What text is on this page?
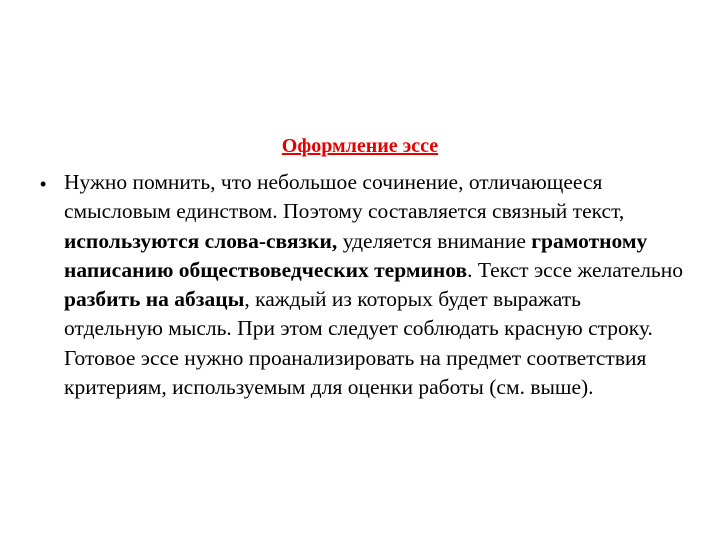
Оформление эссе
• Нужно помнить, что небольшое сочинение, отличающееся смысловым единством. Поэтому составляется связный текст, используются слова-связки, уделяется внимание грамотному написанию обществоведческих терминов. Текст эссе желательно разбить на абзацы, каждый из которых будет выражать отдельную мысль. При этом следует соблюдать красную строку.
Готовое эссе нужно проанализировать на предмет соответствия критериям, используемым для оценки работы (см. выше).
